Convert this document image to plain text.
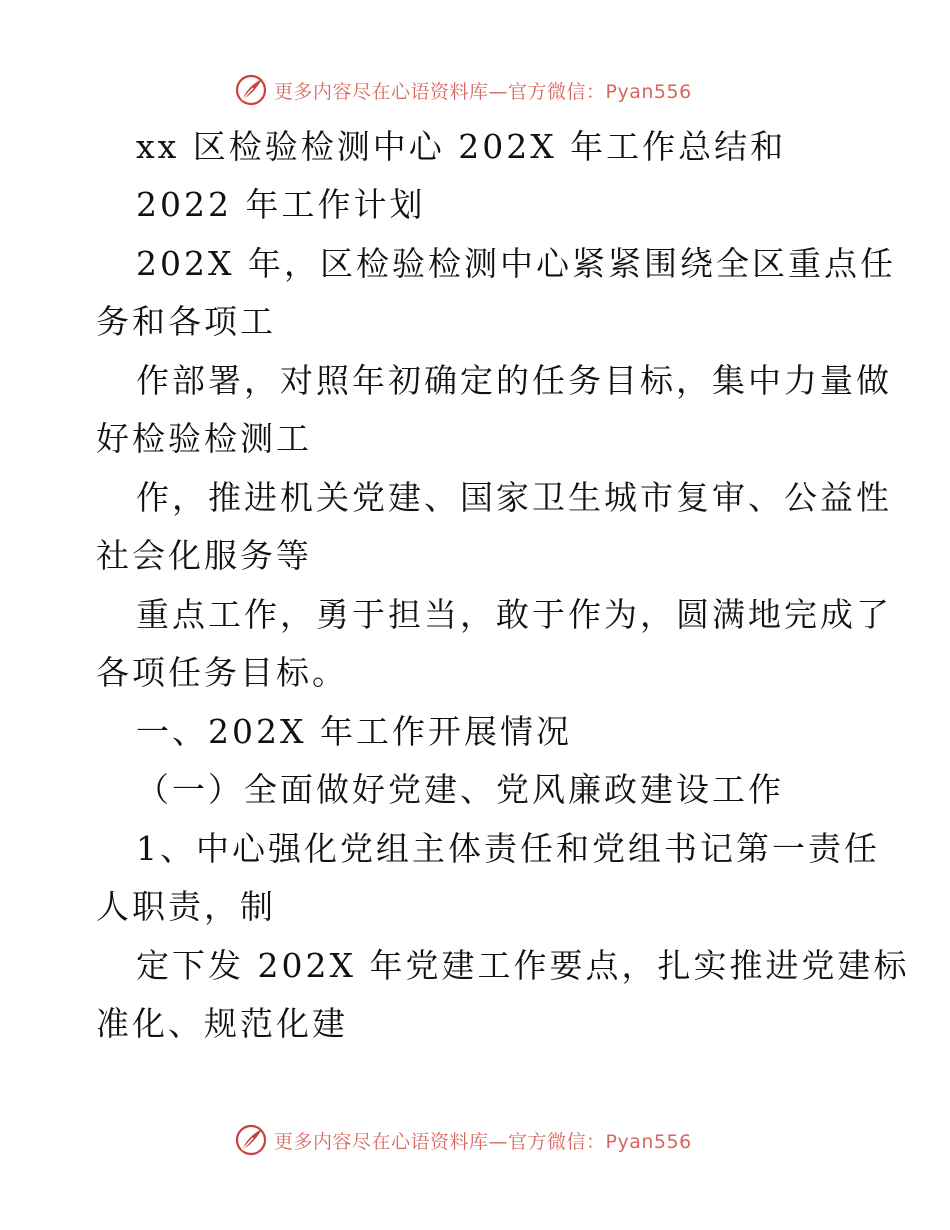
更多内容尽在心语资料库—官方微信：Pyan556
xx 区检验检测中心 202X 年工作总结和
2022 年工作计划
202X 年，区检验检测中心紧紧围绕全区重点任
务和各项工
作部署，对照年初确定的任务目标，集中力量做
好检验检测工
作，推进机关党建、国家卫生城市复审、公益性
社会化服务等
重点工作，勇于担当，敢于作为，圆满地完成了
各项任务目标。
一、202X 年工作开展情况
（一）全面做好党建、党风廉政建设工作
1、中心强化党组主体责任和党组书记第一责任
人职责，制
定下发 202X 年党建工作要点，扎实推进党建标
准化、规范化建
更多内容尽在心语资料库—官方微信：Pyan556
